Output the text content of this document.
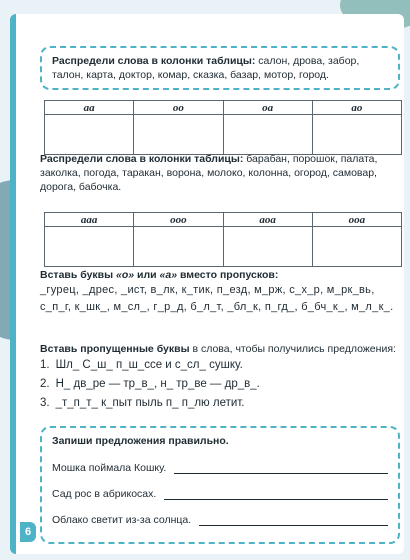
Распредели слова в колонки таблицы: салон, дрова, забор, талон, карта, доктор, комар, сказка, базар, мотор, город.

аа	оо	оа	ао

Распредели слова в колонки таблицы: барабан, порошок, палата, заколка, погода, таракан, ворона, молоко, колонна, огород, самовар, дорога, бабочка.

ааа	ооо	аоа	ооа

Вставь буквы «о» или «а» вместо пропусков:

_гурец, _дрес, _ист, в_лк, к_тик, п_езд, м_рж, с_х_р, м_рк_вь, с_п_г, к_шк_, м_сл_, г_р_д, б_л_т, _бл_к, п_гд_, б_бч_к_, м_л_к_.

Вставь пропущенные буквы в слова, чтобы получились предложения:

1. Шл_ С_ш_ п_ш_ссе и с_сл_ сушку.
2. Н_ дв_ре — тр_в_, н_ тр_ве — др_в_.
3. _т_п_т_ к_пыт пыль п_ п_лю летит.

Запиши предложения правильно.

Мошка поймала Кошку.
Сад рос в абрикосах.
Облако светит из-за солнца.
6
